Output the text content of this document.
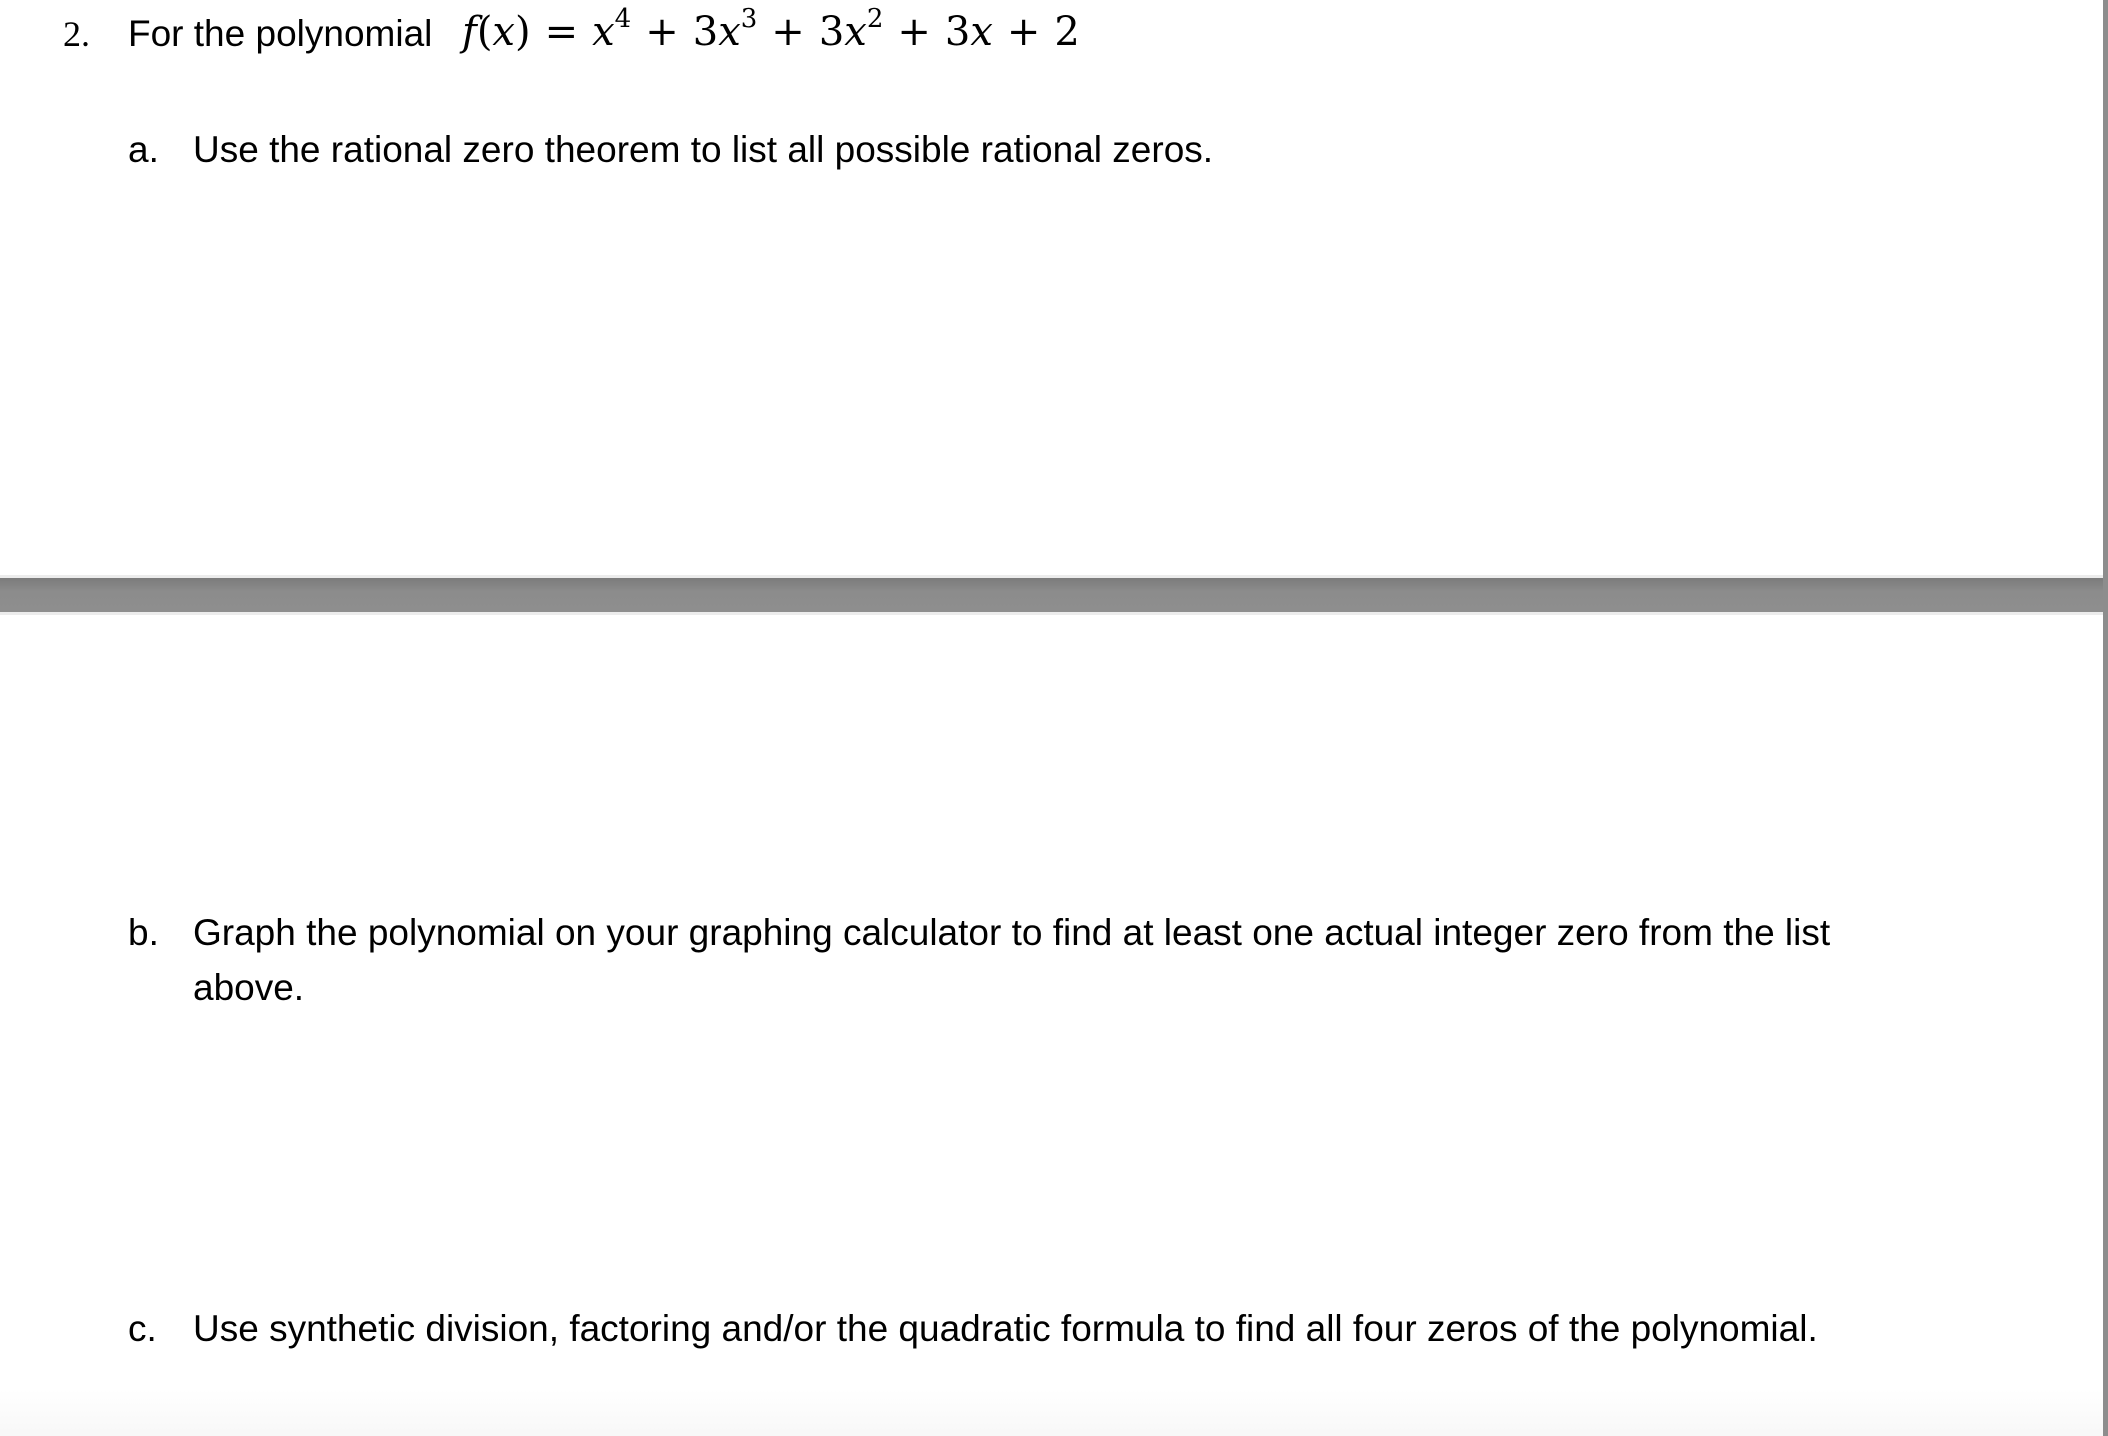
2. For the polynomial $f(x) = x^4 + 3x^3 + 3x^2 + 3x + 2$
a. Use the rational zero theorem to list all possible rational zeros.
b. Graph the polynomial on your graphing calculator to find at least one actual integer zero from the list
above.
c. Use synthetic division, factoring and/or the quadratic formula to find all four zeros of the polynomial.
